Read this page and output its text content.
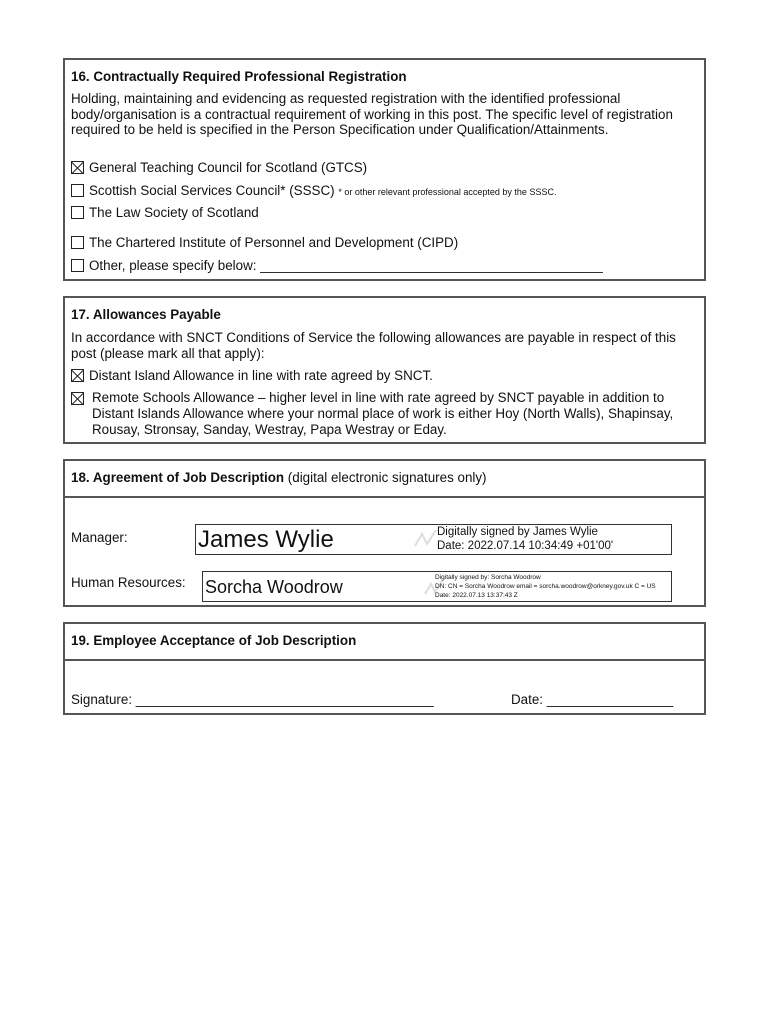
16. Contractually Required Professional Registration
Holding, maintaining and evidencing as requested registration with the identified professional body/organisation is a contractual requirement of working in this post. The specific level of registration required to be held is specified in the Person Specification under Qualification/Attainments.
General Teaching Council for Scotland (GTCS)
Scottish Social Services Council* (SSSC) * or other relevant professional accepted by the SSSC.
The Law Society of Scotland
The Chartered Institute of Personnel and Development (CIPD)
Other, please specify below: ______________________________________________
17. Allowances Payable
In accordance with SNCT Conditions of Service the following allowances are payable in respect of this post (please mark all that apply):
Distant Island Allowance in line with rate agreed by SNCT.
Remote Schools Allowance – higher level in line with rate agreed by SNCT payable in addition to Distant Islands Allowance where your normal place of work is either Hoy (North Walls), Shapinsay, Rousay, Stronsay, Sanday, Westray, Papa Westray or Eday.
18. Agreement of Job Description (digital electronic signatures only)
Manager:	James Wylie	Digitally signed by James Wylie
Date: 2022.07.14 10:34:49 +01'00'
Human Resources: Sorcha Woodrow	Digitally signed by: Sorcha Woodrow
DN: CN = Sorcha Woodrow email = sorcha.woodrow@orkney.gov.uk C = US
Date: 2022.07.13 13:37:43 Z
19. Employee Acceptance of Job Description
Signature: ________________________________________	Date: _________________
